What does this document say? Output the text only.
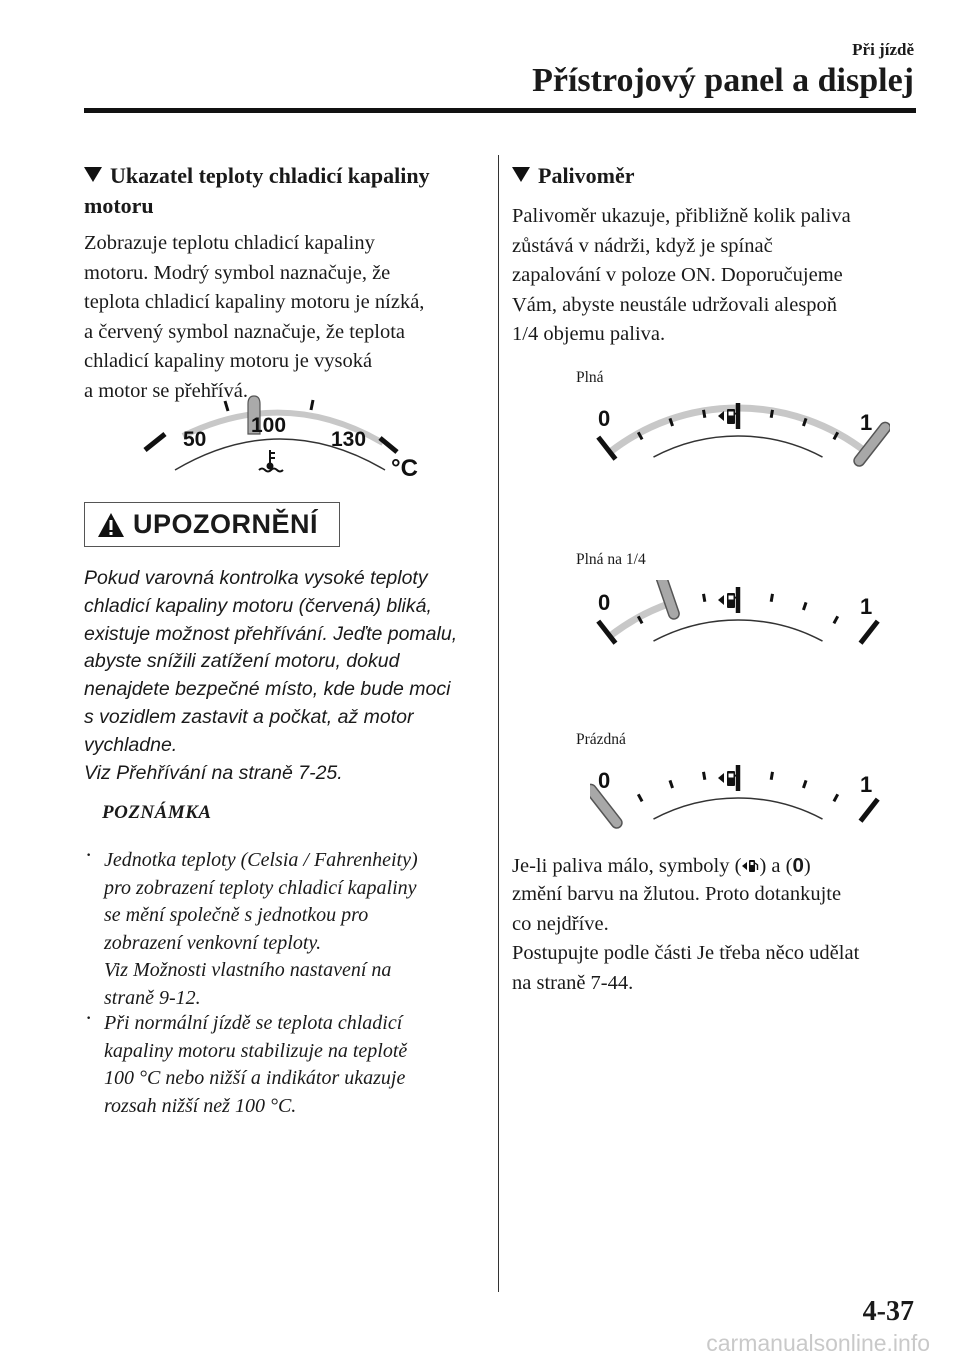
Při jízdě
Přístrojový panel a displej
Ukazatel teploty chladicí kapaliny
motoru
Zobrazuje teplotu chladicí kapaliny
motoru. Modrý symbol naznačuje, že
teplota chladicí kapaliny motoru je nízká,
a červený symbol naznačuje, že teplota
chladicí kapaliny motoru je vysoká
a motor se přehřívá.
50
100
130
°C
UPOZORNĚNÍ
Pokud varovná kontrolka vysoké teploty
chladicí kapaliny motoru (červená) bliká,
existuje možnost přehřívání. Jeďte pomalu,
abyste snížili zatížení motoru, dokud
nenajdete bezpečné místo, kde bude moci
s vozidlem zastavit a počkat, až motor
vychladne.
Viz Přehřívání na straně 7-25.
POZNÁMKA
· Jednotka teploty (Celsia / Fahrenheity)
pro zobrazení teploty chladicí kapaliny
se mění společně s jednotkou pro
zobrazení venkovní teploty.
Viz Možnosti vlastního nastavení na
straně 9-12.
· Při normální jízdě se teplota chladicí
kapaliny motoru stabilizuje na teplotě
100 °C nebo nižší a indikátor ukazuje
rozsah nižší než 100 °C.
Palivoměr
Palivoměr ukazuje, přibližně kolik paliva
zůstává v nádrži, když je spínač
zapalování v poloze ON. Doporučujeme
Vám, abyste neustále udržovali alespoň
1/4 objemu paliva.
Plná
0	1
Plná na 1/4
0	1
Prázdná
0	1
Je-li paliva málo, symboly ( ) a (0)
změní barvu na žlutou. Proto dotankujte
co nejdříve.
Postupujte podle části Je třeba něco udělat
na straně 7-44.
4-37
carmanualsonline.info
